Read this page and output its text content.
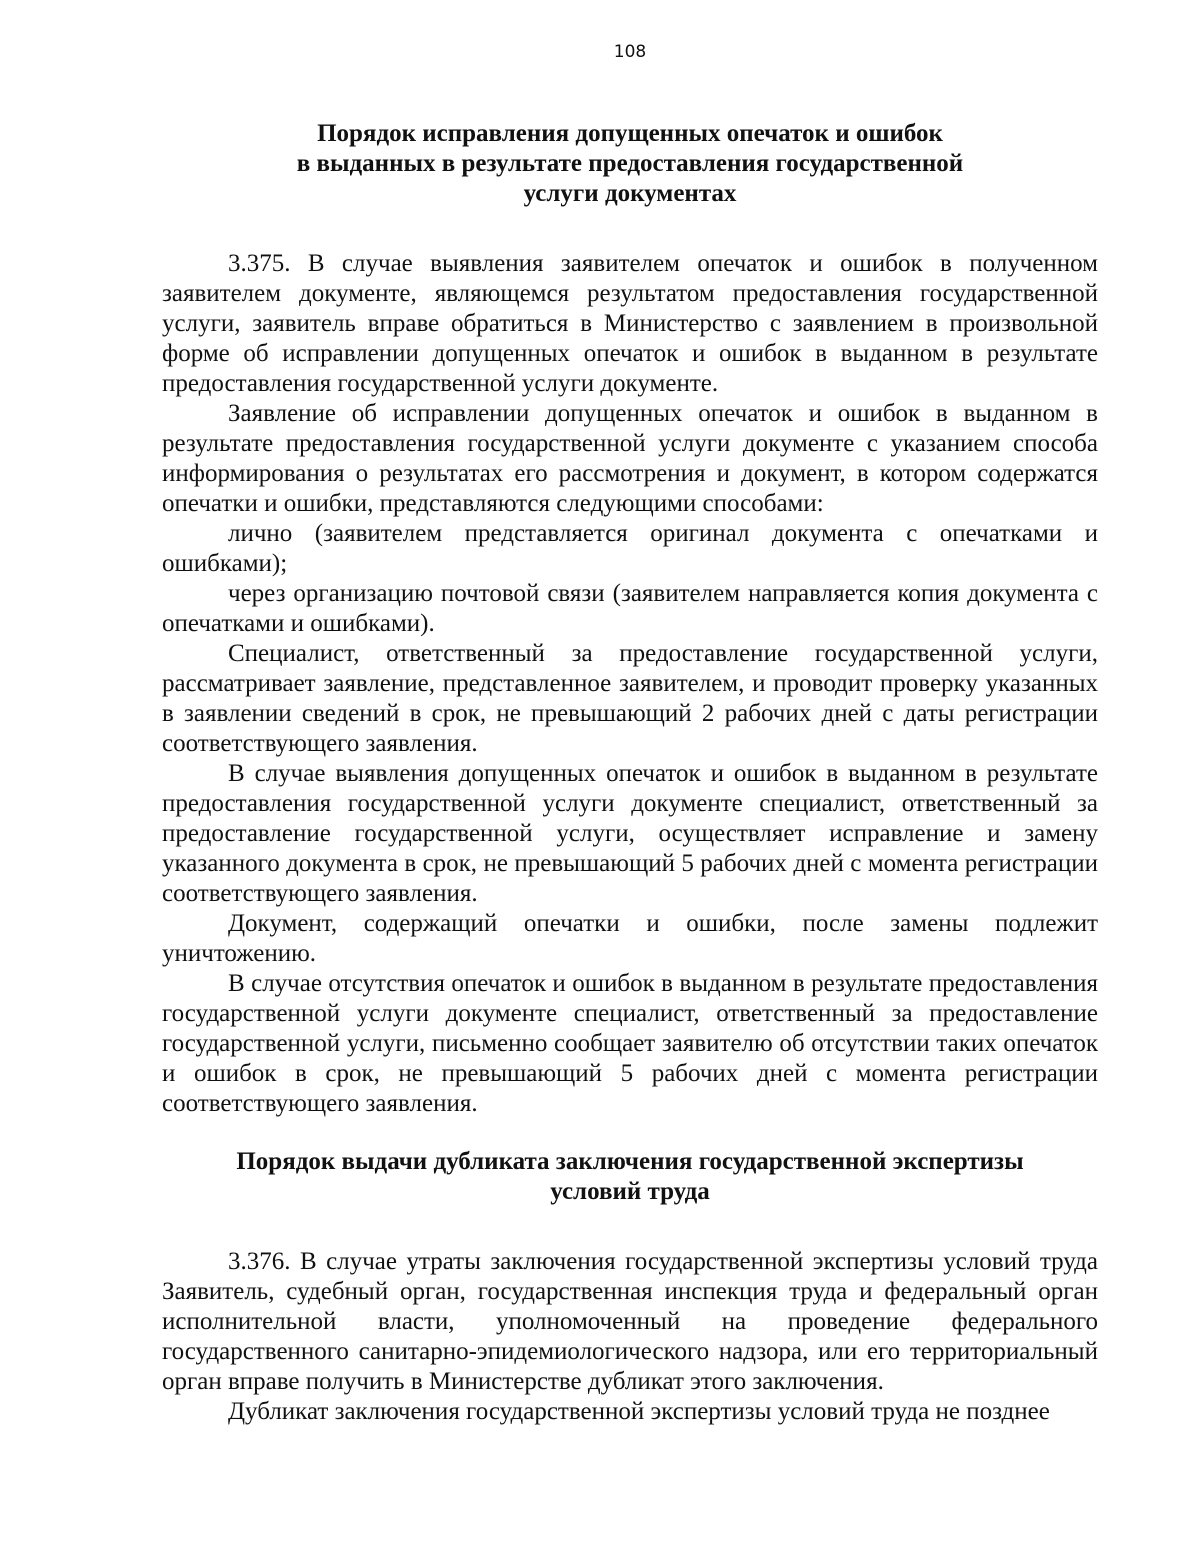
108
Порядок исправления допущенных опечаток и ошибок
в выданных в результате предоставления государственной
услуги документах

3.375. В случае выявления заявителем опечаток и ошибок в полученном заявителем документе, являющемся результатом предоставления государственной услуги, заявитель вправе обратиться в Министерство с заявлением в произвольной форме об исправлении допущенных опечаток и ошибок в выданном в результате предоставления государственной услуги документе.

Заявление об исправлении допущенных опечаток и ошибок в выданном в результате предоставления государственной услуги документе с указанием способа информирования о результатах его рассмотрения и документ, в котором содержатся опечатки и ошибки, представляются следующими способами:

лично (заявителем представляется оригинал документа с опечатками и ошибками);

через организацию почтовой связи (заявителем направляется копия документа с опечатками и ошибками).

Специалист, ответственный за предоставление государственной услуги, рассматривает заявление, представленное заявителем, и проводит проверку указанных в заявлении сведений в срок, не превышающий 2 рабочих дней с даты регистрации соответствующего заявления.

В случае выявления допущенных опечаток и ошибок в выданном в результате предоставления государственной услуги документе специалист, ответственный за предоставление государственной услуги, осуществляет исправление и замену указанного документа в срок, не превышающий 5 рабочих дней с момента регистрации соответствующего заявления.

Документ, содержащий опечатки и ошибки, после замены подлежит уничтожению.

В случае отсутствия опечаток и ошибок в выданном в результате предоставления государственной услуги документе специалист, ответственный за предоставление государственной услуги, письменно сообщает заявителю об отсутствии таких опечаток и ошибок в срок, не превышающий 5 рабочих дней с момента регистрации соответствующего заявления.

Порядок выдачи дубликата заключения государственной экспертизы
условий труда

3.376. В случае утраты заключения государственной экспертизы условий труда Заявитель, судебный орган, государственная инспекция труда и федеральный орган исполнительной власти, уполномоченный на проведение федерального государственного санитарно-эпидемиологического надзора, или его территориальный орган вправе получить в Министерстве дубликат этого заключения.

Дубликат заключения государственной экспертизы условий труда не позднее
